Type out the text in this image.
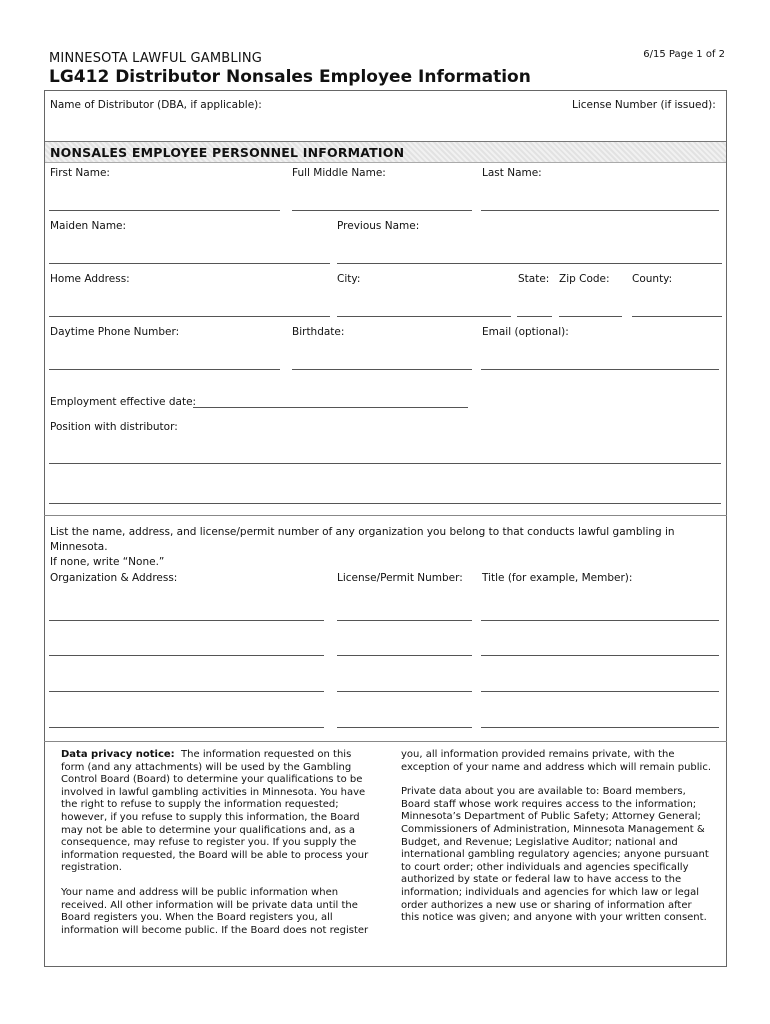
MINNESOTA LAWFUL GAMBLING	6/15 Page 1 of 2
LG412 Distributor Nonsales Employee Information
Name of Distributor (DBA, if applicable):	License Number (if issued):
NONSALES EMPLOYEE PERSONNEL INFORMATION
First Name:	Full Middle Name:	Last Name:
Maiden Name:	Previous Name:
Home Address:	City:	State: Zip Code: County:
Daytime Phone Number:	Birthdate:	Email (optional):
Employment effective date:
Position with distributor:
List the name, address, and license/permit number of any organization you belong to that conducts lawful gambling in Minnesota.
If none, write “None.”
Organization & Address:	License/Permit Number: Title (for example, Member):

Data privacy notice: The information requested on this form (and any attachments) will be used by the Gambling Control Board (Board) to determine your qualifications to be involved in lawful gambling activities in Minnesota. You have the right to refuse to supply the information requested; however, if you refuse to supply this information, the Board may not be able to determine your qualifications and, as a consequence, may refuse to register you. If you supply the information requested, the Board will be able to process your registration.

Your name and address will be public information when received. All other information will be private data until the Board registers you. When the Board registers you, all information will become public. If the Board does not register

you, all information provided remains private, with the exception of your name and address which will remain public.

Private data about you are available to: Board members, Board staff whose work requires access to the information; Minnesota’s Department of Public Safety; Attorney General; Commissioners of Administration, Minnesota Management & Budget, and Revenue; Legislative Auditor; national and international gambling regulatory agencies; anyone pursuant to court order; other individuals and agencies specifically authorized by state or federal law to have access to the information; individuals and agencies for which law or legal order authorizes a new use or sharing of information after this notice was given; and anyone with your written consent.
